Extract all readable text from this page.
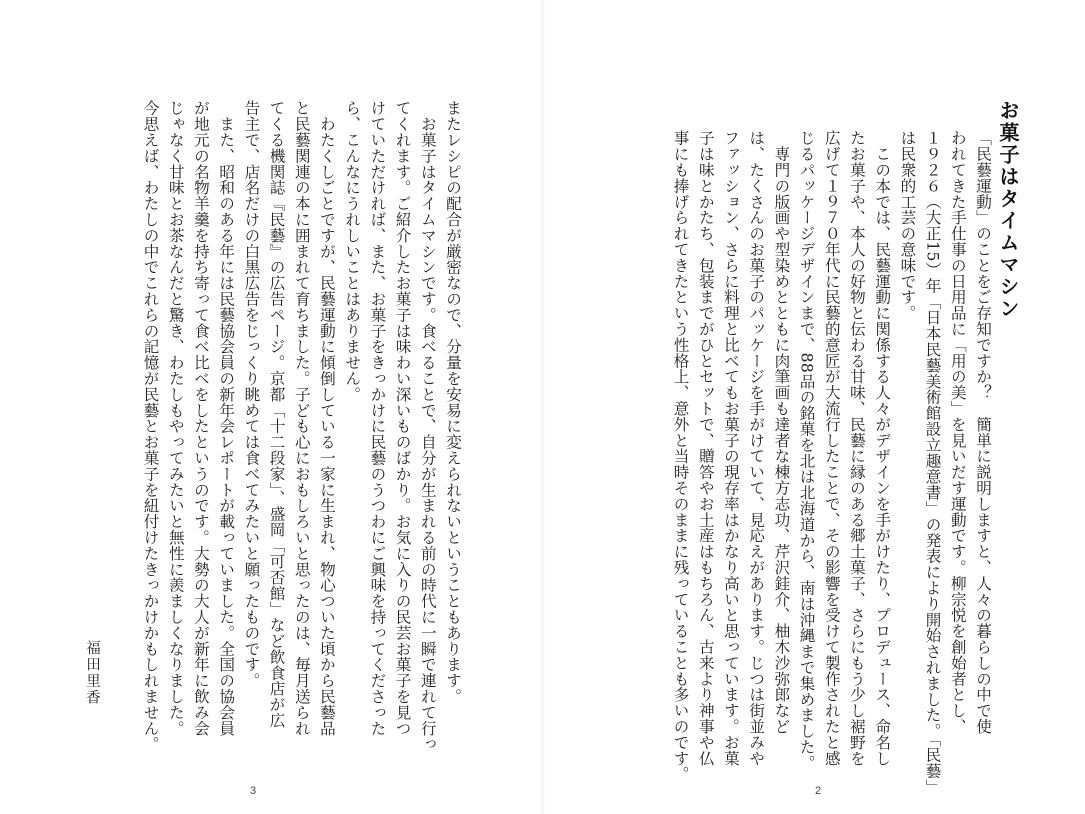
またレシピの配合が厳密なので、分量を安易に変えられないということもあります。

　お菓子はタイムマシンです。食べることで、自分が生まれる前の時代に一瞬で連れて行っ

てくれます。ご紹介したお菓子は味わい深いものばかり。お気に入りの民芸お菓子を見つ

けていただければ、また、お菓子をきっかけに民藝のうつわにご興味を持ってくださった

ら、こんなにうれしいことはありません。

　わたくしごとですが、民藝運動に傾倒している一家に生まれ、物心ついた頃から民藝品

と民藝関連の本に囲まれて育ちました。子ども心におもしろいと思ったのは、毎月送られ

てくる機関誌『民藝』の広告ページ。京都「十二段家」、盛岡「可否館」など飲食店が広

告主で、店名だけの白黒広告をじっくり眺めては食べてみたいと願ったものです。

　また、昭和のある年には民藝協会員の新年会レポートが載っていました。全国の協会員

が地元の名物羊羹を持ち寄って食べ比べをしたというのです。大勢の大人が新年に飲み会

じゃなく甘味とお茶なんだと驚き、わたしもやってみたいと無性に羨ましくなりました。

今思えば、わたしの中でこれらの記憶が民藝とお菓子を紐付けたきっかけかもしれません。

福田里香
3
お菓子はタイムマシン

「民藝運動」のことをご存知ですか？　簡単に説明しますと、人々の暮らしの中で使

われてきた手仕事の日用品に「用の美」を見いだす運動です。柳宗悦を創始者とし、

１９２６（大正15）年「日本民藝美術館設立趣意書」の発表により開始されました。「民藝」

は民衆的工芸の意味です。

　この本では、民藝運動に関係する人々がデザインを手がけたり、プロデュース、命名し

たお菓子や、本人の好物と伝わる甘味、民藝に縁のある郷土菓子、さらにもう少し裾野を

広げて１９７０年代に民藝的意匠が大流行したことで、その影響を受けて製作されたと感

じるパッケージデザインまで、88品の銘菓を北は北海道から、南は沖縄まで集めました。

　専門の版画や型染めとともに肉筆画も達者な棟方志功、芹沢銈介、柚木沙弥郎など

は、たくさんのお菓子のパッケージを手がけていて、見応えがあります。じつは街並みや

ファッション、さらに料理と比べてもお菓子の現存率はかなり高いと思っています。お菓

子は味とかたち、包装までがひとセットで、贈答やお土産はもちろん、古来より神事や仏

事にも捧げられてきたという性格上、意外と当時そのままに残っていることも多いのです。

2
